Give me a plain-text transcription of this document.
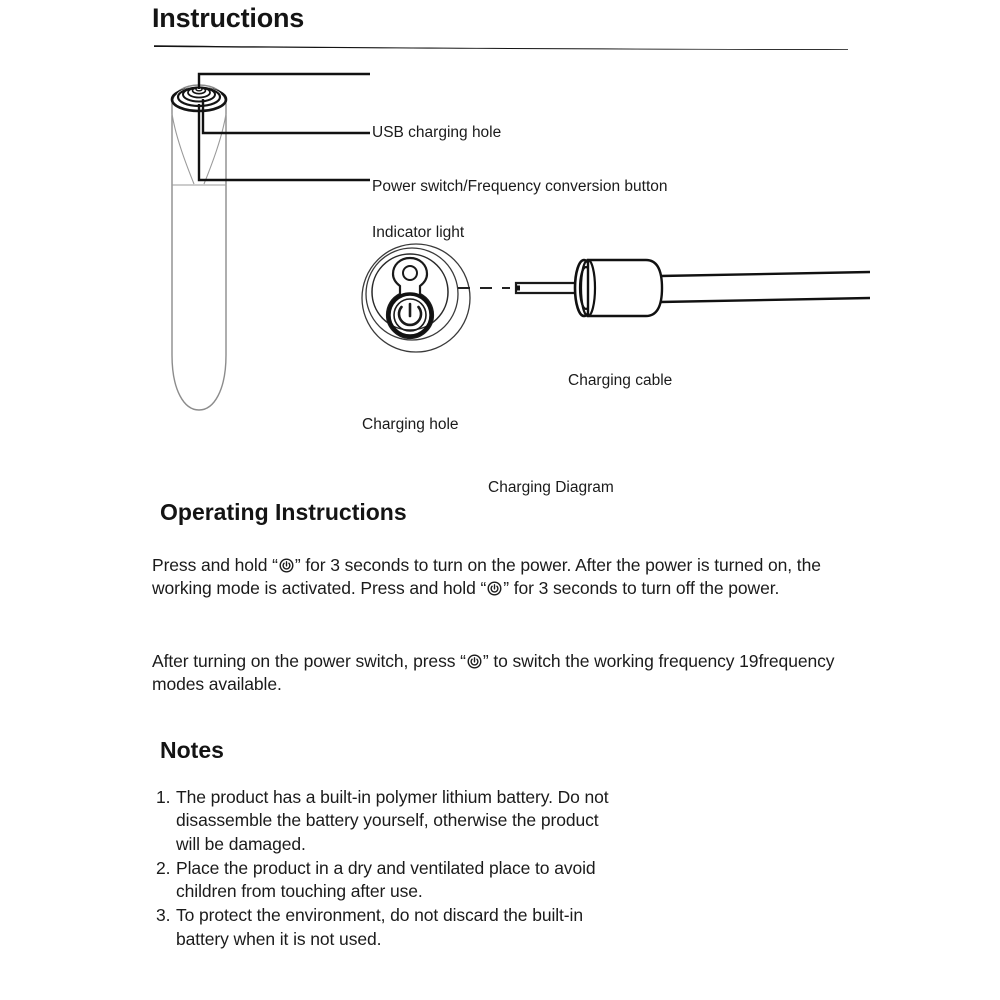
Instructions
USB charging hole
Power switch/Frequency conversion button
Indicator light
Charging hole
Charging cable
Charging Diagram
Operating Instructions
Press and hold “ ” for 3 seconds to turn on the power. After the power is turned on, the working mode is activated. Press and hold “ ” for 3 seconds to turn off the power.
After turning on the power switch, press “ ” to switch the working frequency 19frequency modes available.
Notes
1. The product has a built-in polymer lithium battery. Do not
disassemble the battery yourself, otherwise the product
will be damaged.
2. Place the product in a dry and ventilated place to avoid
children from touching after use.
3. To protect the environment, do not discard the built-in
battery when it is not used.
